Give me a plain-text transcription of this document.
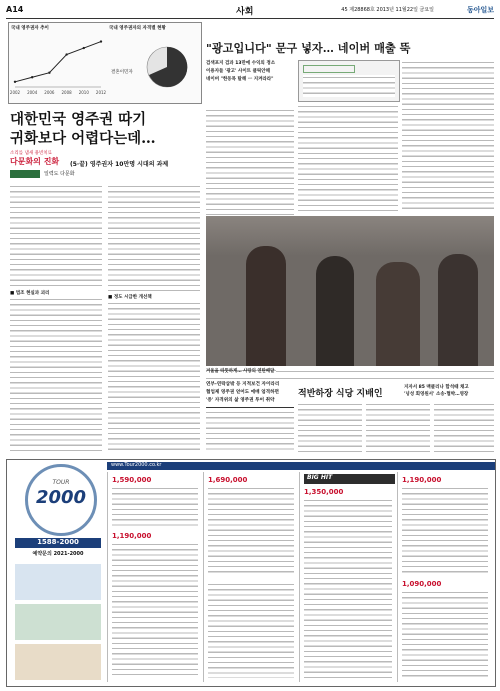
A14	사회	45 제28868호 2013년 11월22일 금요일	동아일보
국내 영주권자 추이
2002 2004 2006 2008 2010 2012
국내 영주권자의 자격별 현황
결혼이민자
대한민국 영주권 따기
귀화보다 어렵다는데…
소리를 냄새 용빈치료
다문화의 진화	(5·끝) 영주권자 10만명 시대의 과제
일력도 다문화
■ 법조 현실과 괴리
■ 정도 시급한 개선책
연부-연락삼밖 등 지적보건 자이라리
협업제 영주권 얻어도 애매 엄격하면
'증' 자격위의 삶 영주권 투어 취약
"광고입니다" 문구 넣자… 네이버 매출 뚝
검색포지 검과 13만에 수익의 정소
이용자들 '광고' 사이트 클릭안해
네이버 "한동목 탈해 ㅡ 지켜라라"
겨울을 따뜻하게… 사랑의 연탄배달
적반하장 식당 지배인
지자서 85 맥클리나 합석때 채고
'넝성 회영원서' 소송·협박…영장
TOUR
2000
1588-2000
예약문의 2021-2000
www.Tour2000.co.kr
1,590,000
1,190,000
1,690,000	BIG HIT
1,350,000
1,190,000
1,090,000
